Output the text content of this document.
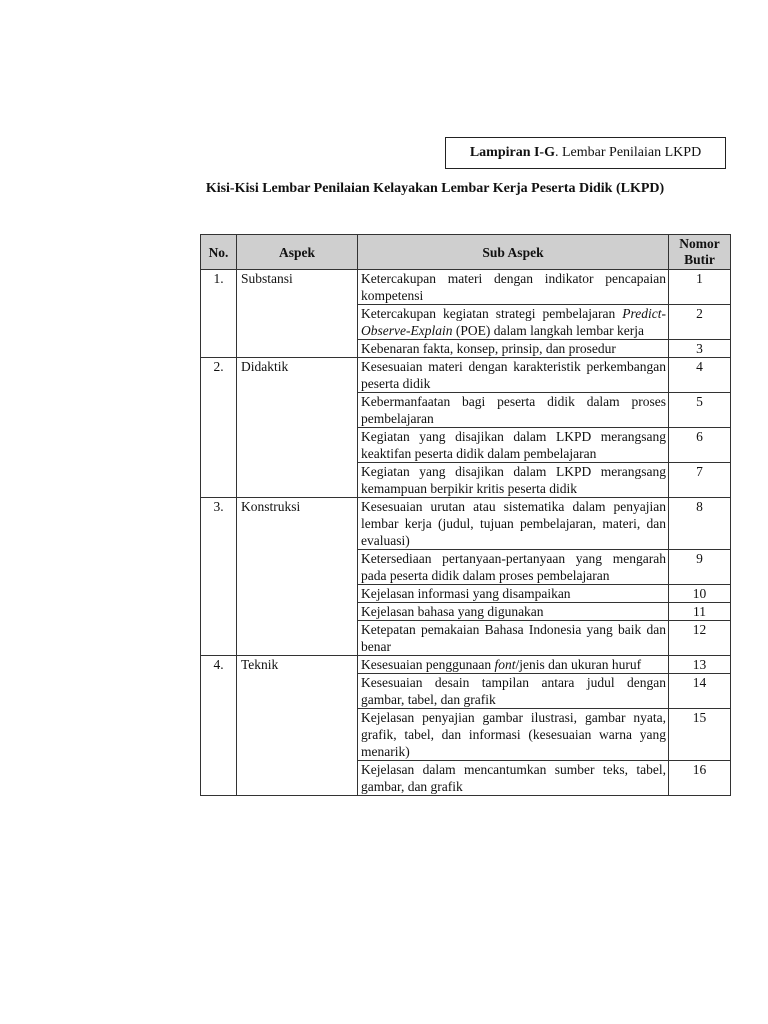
Lampiran I-G. Lembar Penilaian LKPD
Kisi-Kisi Lembar Penilaian Kelayakan Lembar Kerja Peserta Didik (LKPD)
No.	Aspek	Sub Aspek	Nomor Butir
1.	Substansi	Ketercakupan materi dengan indikator pencapaian kompetensi	1
		Ketercakupan kegiatan strategi pembelajaran Predict-Observe-Explain (POE) dalam langkah lembar kerja	2
		Kebenaran fakta, konsep, prinsip, dan prosedur	3
2.	Didaktik	Kesesuaian materi dengan karakteristik perkembangan peserta didik	4
		Kebermanfaatan bagi peserta didik dalam proses pembelajaran	5
		Kegiatan yang disajikan dalam LKPD merangsang keaktifan peserta didik dalam pembelajaran	6
		Kegiatan yang disajikan dalam LKPD merangsang kemampuan berpikir kritis peserta didik	7
3.	Konstruksi	Kesesuaian urutan atau sistematika dalam penyajian lembar kerja (judul, tujuan pembelajaran, materi, dan evaluasi)	8
		Ketersediaan pertanyaan-pertanyaan yang mengarah pada peserta didik dalam proses pembelajaran	9
		Kejelasan informasi yang disampaikan	10
		Kejelasan bahasa yang digunakan	11
		Ketepatan pemakaian Bahasa Indonesia yang baik dan benar	12
4.	Teknik	Kesesuaian penggunaan font/jenis dan ukuran huruf	13
		Kesesuaian desain tampilan antara judul dengan gambar, tabel, dan grafik	14
		Kejelasan penyajian gambar ilustrasi, gambar nyata, grafik, tabel, dan informasi (kesesuaian warna yang menarik)	15
		Kejelasan dalam mencantumkan sumber teks, tabel, gambar, dan grafik	16
